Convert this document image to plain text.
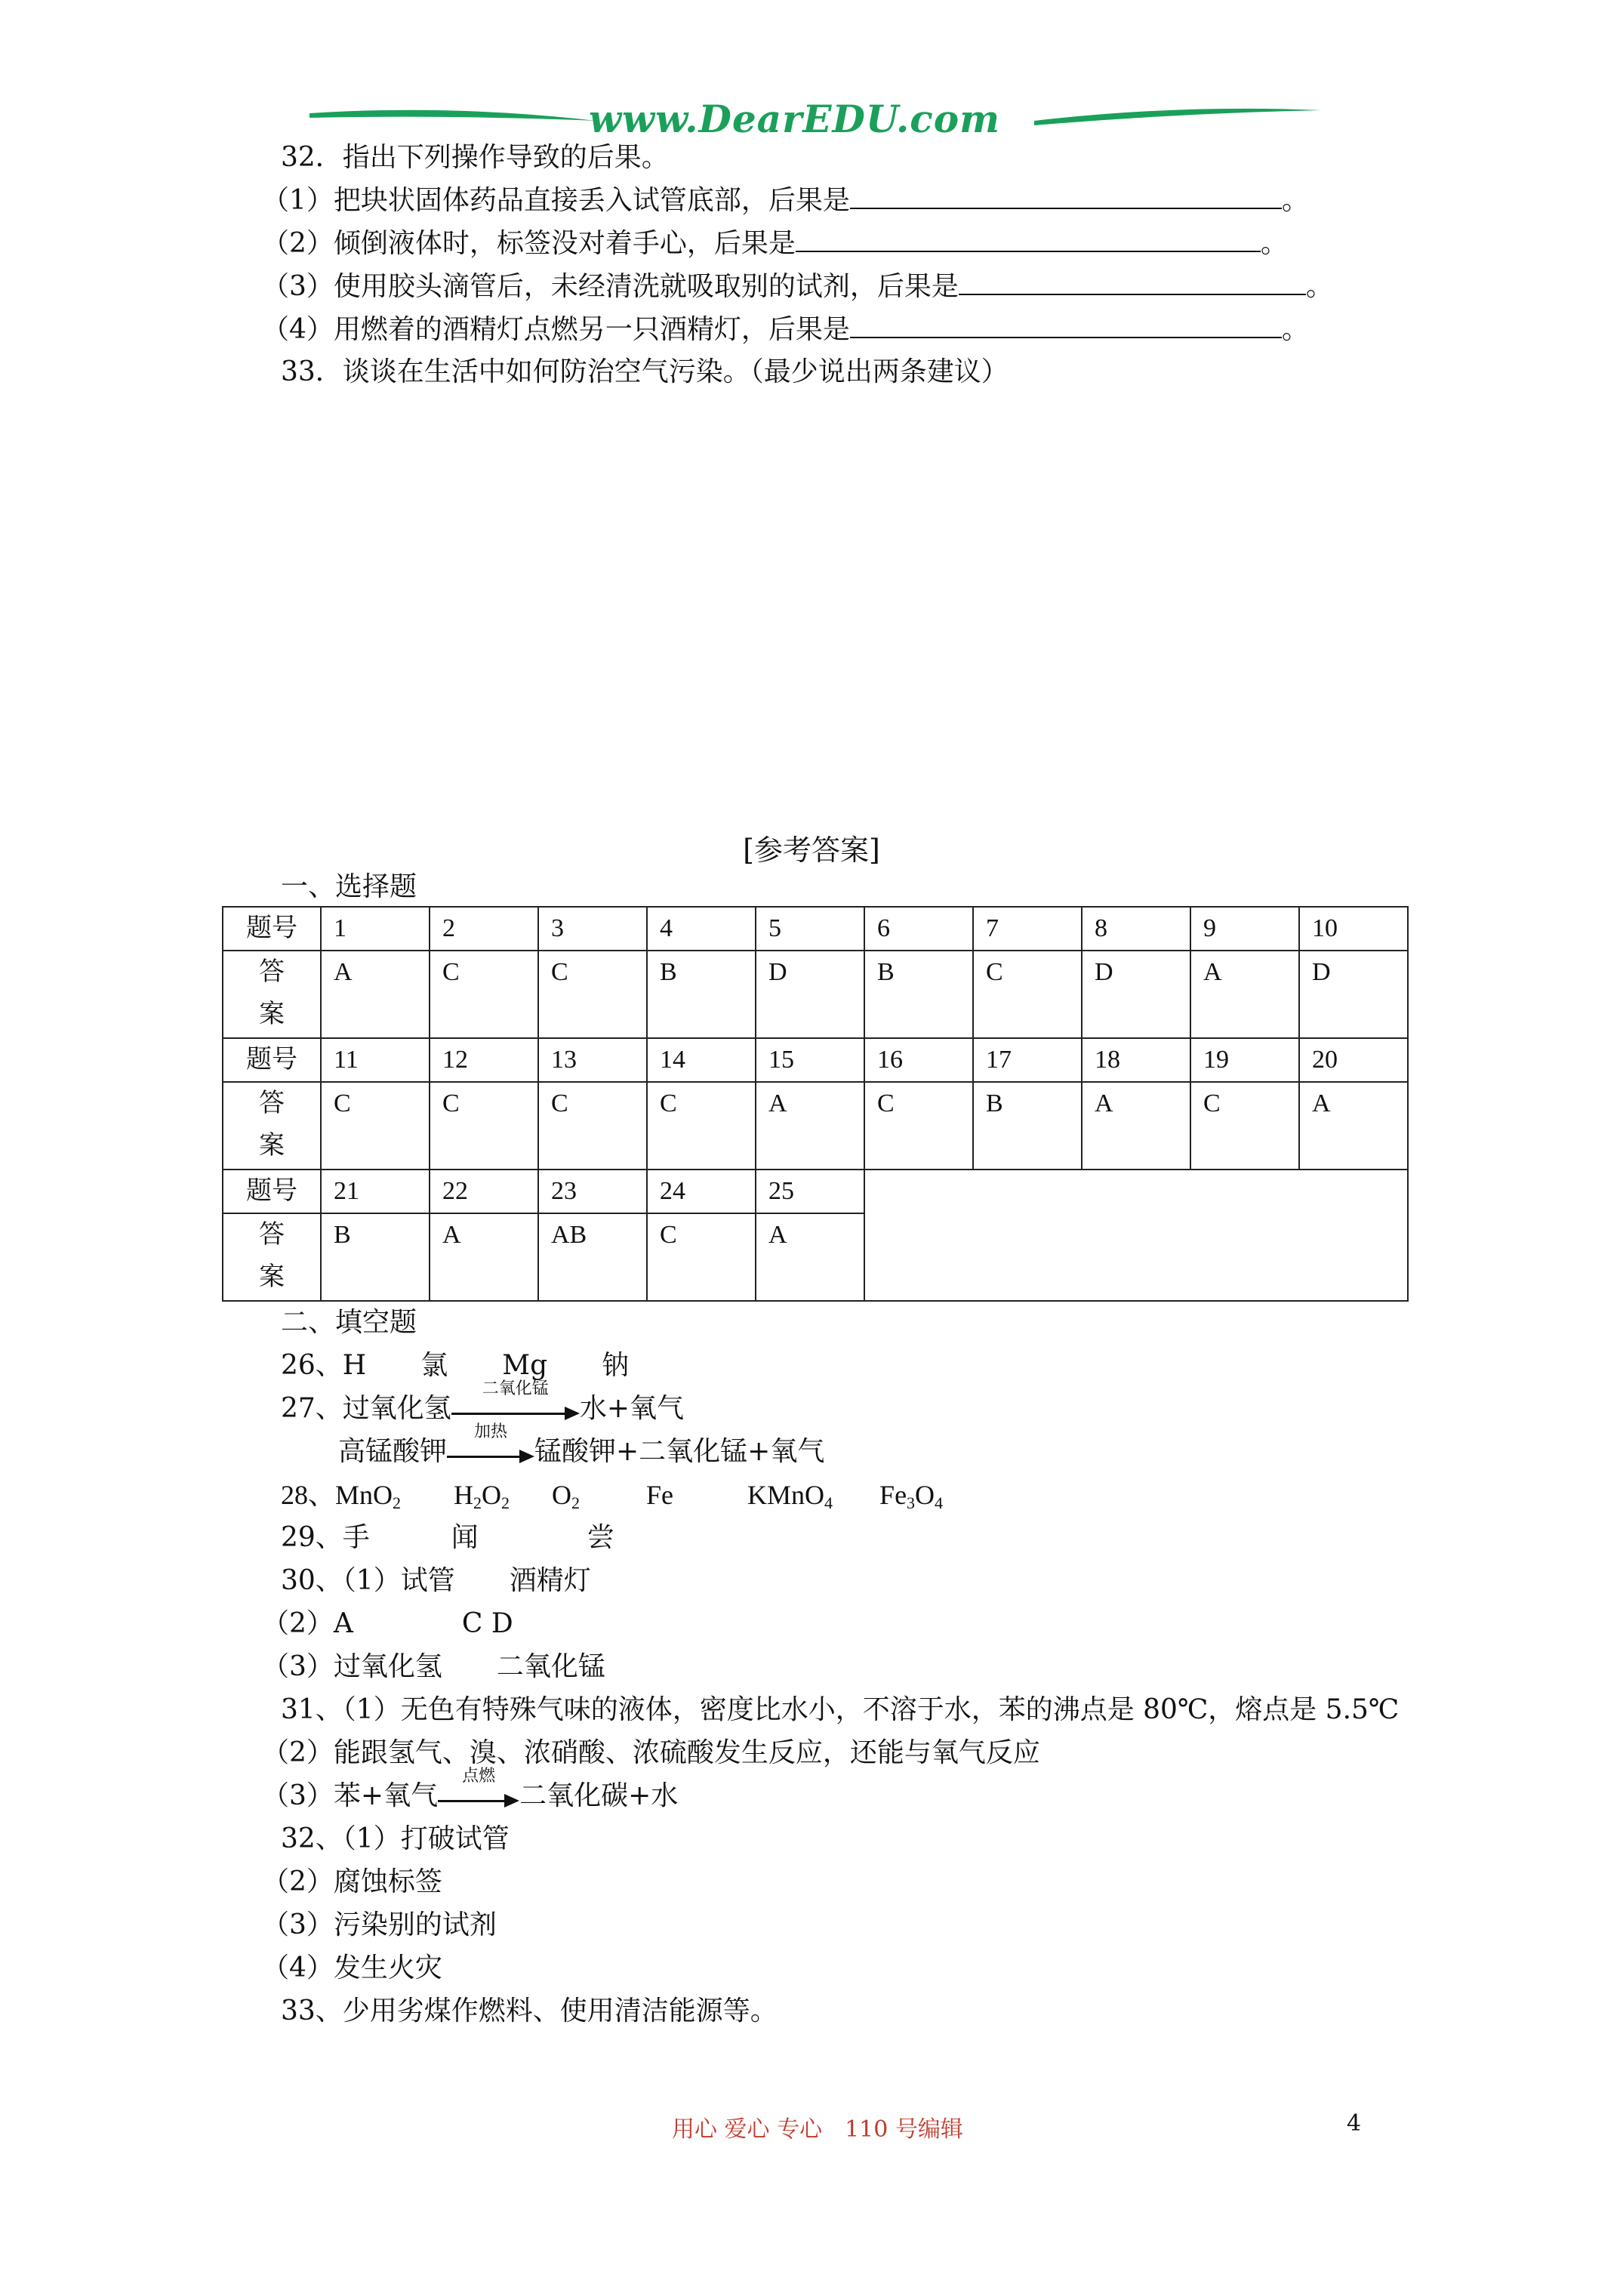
www.DearEDU.com
32．指出下列操作导致的后果。
（1）把块状固体药品直接丢入试管底部，后果是	。
（2）倾倒液体时，标签没对着手心，后果是	。
（3）使用胶头滴管后，未经清洗就吸取别的试剂，后果是	。
（4）用燃着的酒精灯点燃另一只酒精灯，后果是	。
33．谈谈在生活中如何防治空气污染。（最少说出两条建议）
[参考答案]
一、选择题
题号	1	2	3	4	5	6	7	8	9	10
答
案	A	C	C	B	D	B	C	D	A	D
题号	11	12	13	14	15	16	17	18	19	20
答
案	C	C	C	C	A	C	B	A	C	A
题号	21	22	23	24	25					
答
案	B	A	AB	C	A					
二、填空题
26、H　　氯　　Mg　　钠
27、过氧化氢
二氧化锰
水+氧气
高锰酸钾
加热
锰酸钾+二氧化锰+氧气
28、MnO$_2$ $H_2O_2$ $O_2$ Fe	KMnO$_4$ $Fe_3O_4$
29、手　　　闻　　　　尝
30、（1）试管　　酒精灯
（2）A　　　　C D
（3）过氧化氢　　二氧化锰
31、（1）无色有特殊气味的液体，密度比水小，不溶于水，苯的沸点是 80℃，熔点是 5.5℃
（2）能跟氢气、溴、浓硝酸、浓硫酸发生反应，还能与氧气反应
（3）苯+氧气
点燃
二氧化碳+水
32、（1）打破试管
（2）腐蚀标签
（3）污染别的试剂
（4）发生火灾
33、少用劣煤作燃料、使用清洁能源等。
用心 爱心 专心　110 号编辑	4
